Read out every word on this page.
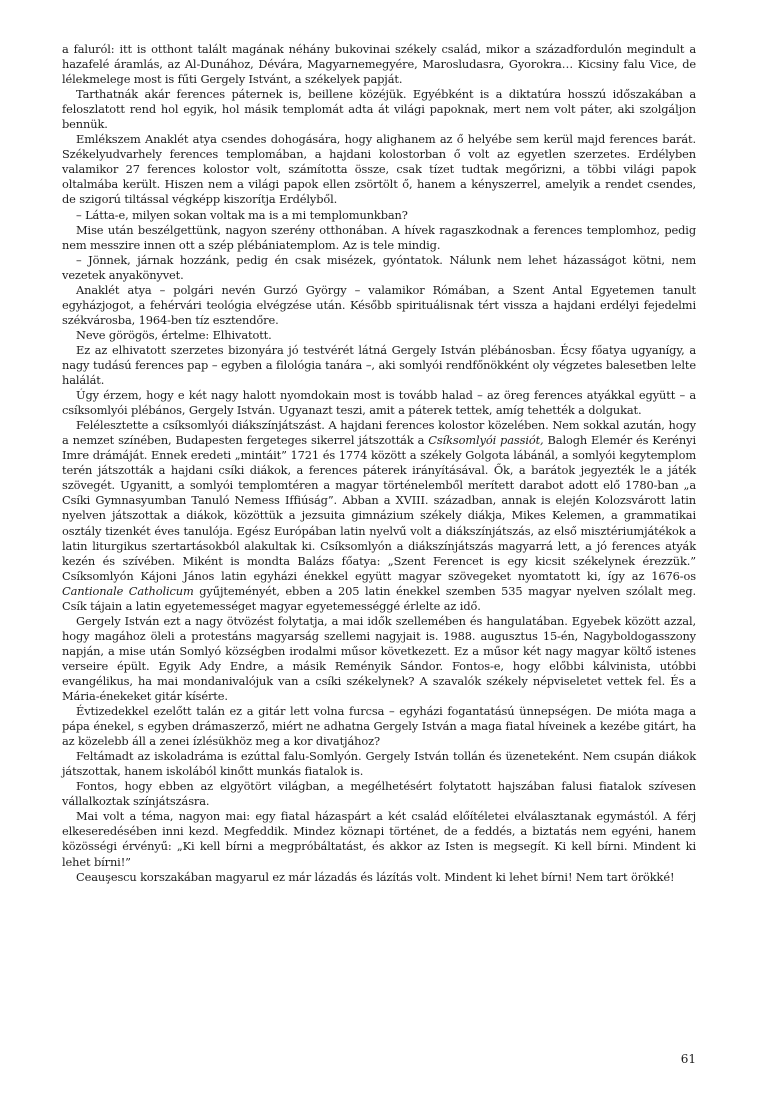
a faluról: itt is otthont talált magának néhány bukovinai székely család, mikor a századfordulón megindult a hazafelé áramlás, az Al-Dunához, Dévára, Magyarnemegyére, Marosludasra, Gyorokra… Kicsiny falu Vice, de lélekmelege most is fűti Gergely Istvánt, a székelyek papját.

Tarthatnák akár ferences páternek is, beillene közéjük. Egyébként is a diktatúra hosszú időszakában a feloszlatott rend hol egyik, hol másik templomát adta át világi papoknak, mert nem volt páter, aki szolgáljon bennük.

Emlékszem Anaklét atya csendes dohogására, hogy alighanem az ő helyébe sem kerül majd ferences barát. Székelyudvarhely ferences templomában, a hajdani kolostorban ő volt az egyetlen szerzetes. Erdélyben valamikor 27 ferences kolostor volt, számította össze, csak tízet tudtak megőrizni, a többi világi papok oltalmába került. Hiszen nem a világi papok ellen zsörtölt ő, hanem a kényszerrel, amelyik a rendet csendes, de szigorú tiltással végképp kiszorítja Erdélyből.

– Látta-e, milyen sokan voltak ma is a mi templomunkban?

Mise után beszélgettünk, nagyon szerény otthonában. A hívek ragaszkodnak a ferences templomhoz, pedig nem messzire innen ott a szép plébániatemplom. Az is tele mindig.

– Jönnek, járnak hozzánk, pedig én csak misézek, gyóntatok. Nálunk nem lehet házasságot kötni, nem vezetek anyakönyvet.

Anaklét atya – polgári nevén Gurzó György – valamikor Rómában, a Szent Antal Egyetemen tanult egyházjogot, a fehérvári teológia elvégzése után. Később spirituálisnak tért vissza a hajdani erdélyi fejedelmi székvárosba, 1964-ben tíz esztendőre.

Neve görögös, értelme: Elhivatott.

Ez az elhivatott szerzetes bizonyára jó testvérét látná Gergely István plébánosban. Écsy főatya ugyanígy, a nagy tudású ferences pap – egyben a filológia tanára –, aki somlyói rendfőnökként oly végzetes balesetben lelte halálát.

Úgy érzem, hogy e két nagy halott nyomdokain most is tovább halad – az öreg ferences atyákkal együtt – a csíksomlyói plébános, Gergely István. Ugyanazt teszi, amit a páterek tettek, amíg tehették a dolgukat.

Felélesztette a csíksomlyói diákszínjátszást. A hajdani ferences kolostor közelében. Nem sokkal azután, hogy a nemzet színében, Budapesten fergeteges sikerrel játszották a Csíksomlyói passiót, Balogh Elemér és Kerényi Imre drámáját. Ennek eredeti „mintáit” 1721 és 1774 között a székely Golgota lábánál, a somlyói kegytemplom terén játszották a hajdani csíki diákok, a ferences páterek irányításával. Ők, a barátok jegyezték le a játék szövegét. Ugyanitt, a somlyói templomtéren a magyar történelemből merített darabot adott elő 1780-ban „a Csíki Gymnasyumban Tanuló Nemess Iffiúság”. Abban a XVIII. században, annak is elején Kolozsvárott latin nyelven játszottak a diákok, közöttük a jezsuita gimnázium székely diákja, Mikes Kelemen, a grammatikai osztály tizenkét éves tanulója. Egész Európában latin nyelvű volt a diákszínjátszás, az első misztériumjátékok a latin liturgikus szertartásokból alakultak ki. Csíksomlyón a diákszínjátszás magyarrá lett, a jó ferences atyák kezén és szívében. Miként is mondta Balázs főatya: „Szent Ferencet is egy kicsit székelynek érezzük.” Csíksomlyón Kájoni János latin egyházi énekkel együtt magyar szövegeket nyomtatott ki, így az 1676-os Cantionale Catholicum gyűjteményét, ebben a 205 latin énekkel szemben 535 magyar nyelven szólalt meg. Csík tájain a latin egyetemességet magyar egyetemességgé érlelte az idő.

Gergely István ezt a nagy ötvözést folytatja, a mai idők szellemében és hangulatában. Egyebek között azzal, hogy magához öleli a protestáns magyarság szellemi nagyjait is. 1988. augusztus 15-én, Nagyboldogasszony napján, a mise után Somlyó községben irodalmi műsor következett. Ez a műsor két nagy magyar költő istenes verseire épült. Egyik Ady Endre, a másik Reményik Sándor. Fontos-e, hogy előbbi kálvinista, utóbbi evangélikus, ha mai mondanivalójuk van a csíki székelynek? A szavalók székely népviseletet vettek fel. És a Mária-énekeket gitár kísérte.

Évtizedekkel ezelőtt talán ez a gitár lett volna furcsa – egyházi fogantatású ünnepségen. De mióta maga a pápa énekel, s egyben drámaszerző, miért ne adhatna Gergely István a maga fiatal híveinek a kezébe gitárt, ha az közelebb áll a zenei ízlésükhöz meg a kor divatjához?

Feltámadt az iskoladráma is ezúttal falu-Somlyón. Gergely István tollán és üzeneteként. Nem csupán diákok játszottak, hanem iskolából kinőtt munkás fiatalok is.

Fontos, hogy ebben az elgyötört világban, a megélhetésért folytatott hajszában falusi fiatalok szívesen vállalkoztak színjátszásra.

Mai volt a téma, nagyon mai: egy fiatal házaspárt a két család előítéletei elválasztanak egymástól. A férj elkeseredésében inni kezd. Megfeddik. Mindez köznapi történet, de a feddés, a biztatás nem egyéni, hanem közösségi érvényű: „Ki kell bírni a megpróbáltatást, és akkor az Isten is megsegít. Ki kell bírni. Mindent ki lehet bírni!”

Ceauşescu korszakában magyarul ez már lázadás és lázítás volt. Mindent ki lehet bírni! Nem tart örökké!

61
